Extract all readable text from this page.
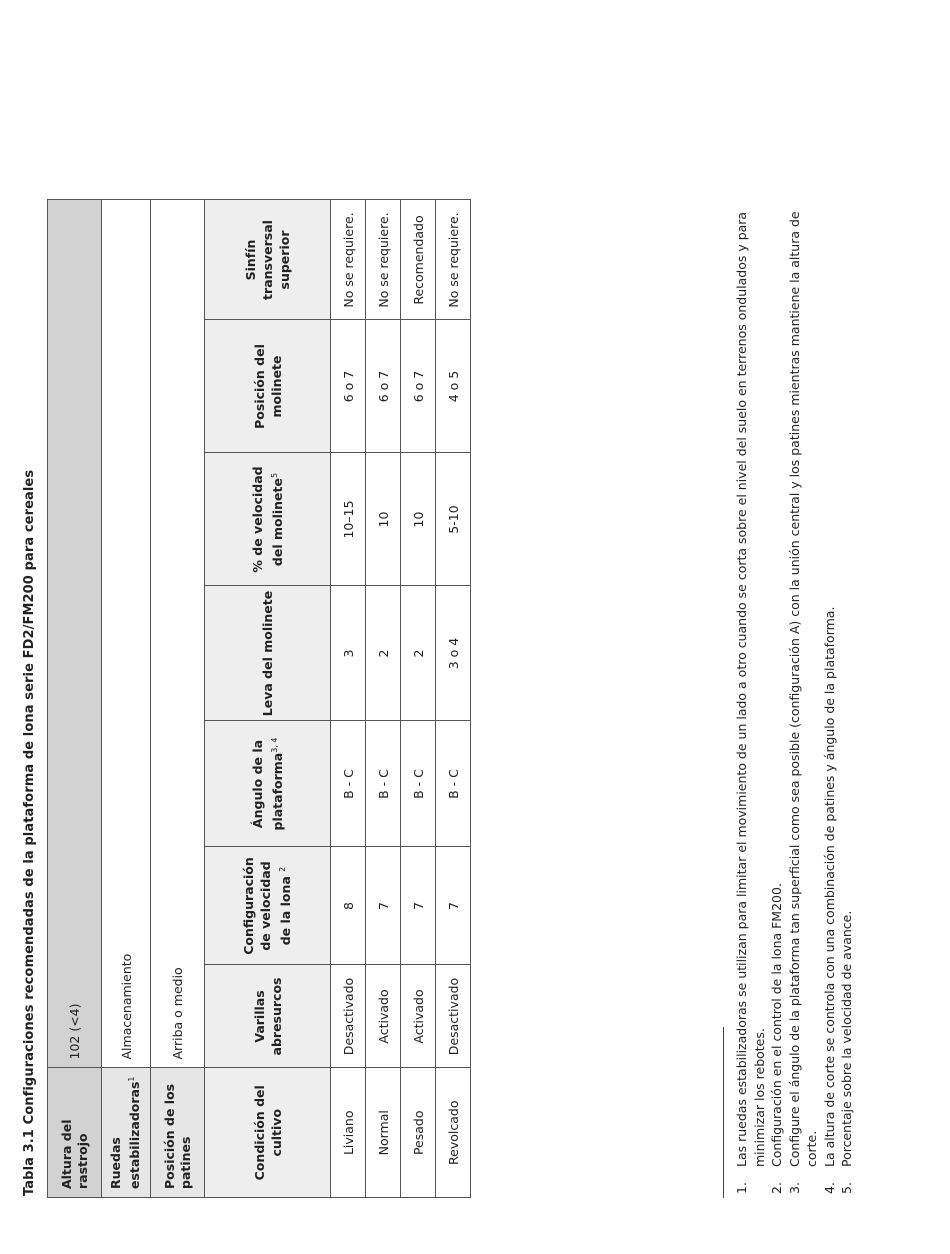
Tabla 3.1 Configuraciones recomendadas de la plataforma de lona serie FD2/FM200 para cereales Altura del rastrojo	102 (<4)						
Ruedas estabilizadoras$^1$	Almacenamiento						
Posición de los patines	Arriba o medio						
Condición del cultivo	Varillas abresurcos	Configuración de velocidad de la lona $^2$	Ángulo de la plataforma$^{3, 4}$	Leva del molinete	% de velocidad del molinete$^5$	Posición del molinete	Sinfín transversal superior
Liviano	Desactivado	8	B - C	3	10–15	6 o 7	No se requiere.
Normal	Activado	7	B - C	2	10	6 o 7	No se requiere.
Pesado	Activado	7	B - C	2	10	6 o 7	Recomendado
Revolcado	Desactivado	7	B - C	3 o 4	5-10	4 o 5	No se requiere.
1.
Las ruedas estabilizadoras se utilizan para limitar el movimiento de un lado a otro cuando se corta sobre el nivel del suelo en terrenos ondulados y para minimizar los rebotes.
2.
Configuración en el control de la lona FM200.
3.
Configure el ángulo de la plataforma tan superficial como sea posible (configuración A) con la unión central y los patines mientras mantiene la altura de corte.
4.
La altura de corte se controla con una combinación de patines y ángulo de la plataforma.
5.
Porcentaje sobre la velocidad de avance.
